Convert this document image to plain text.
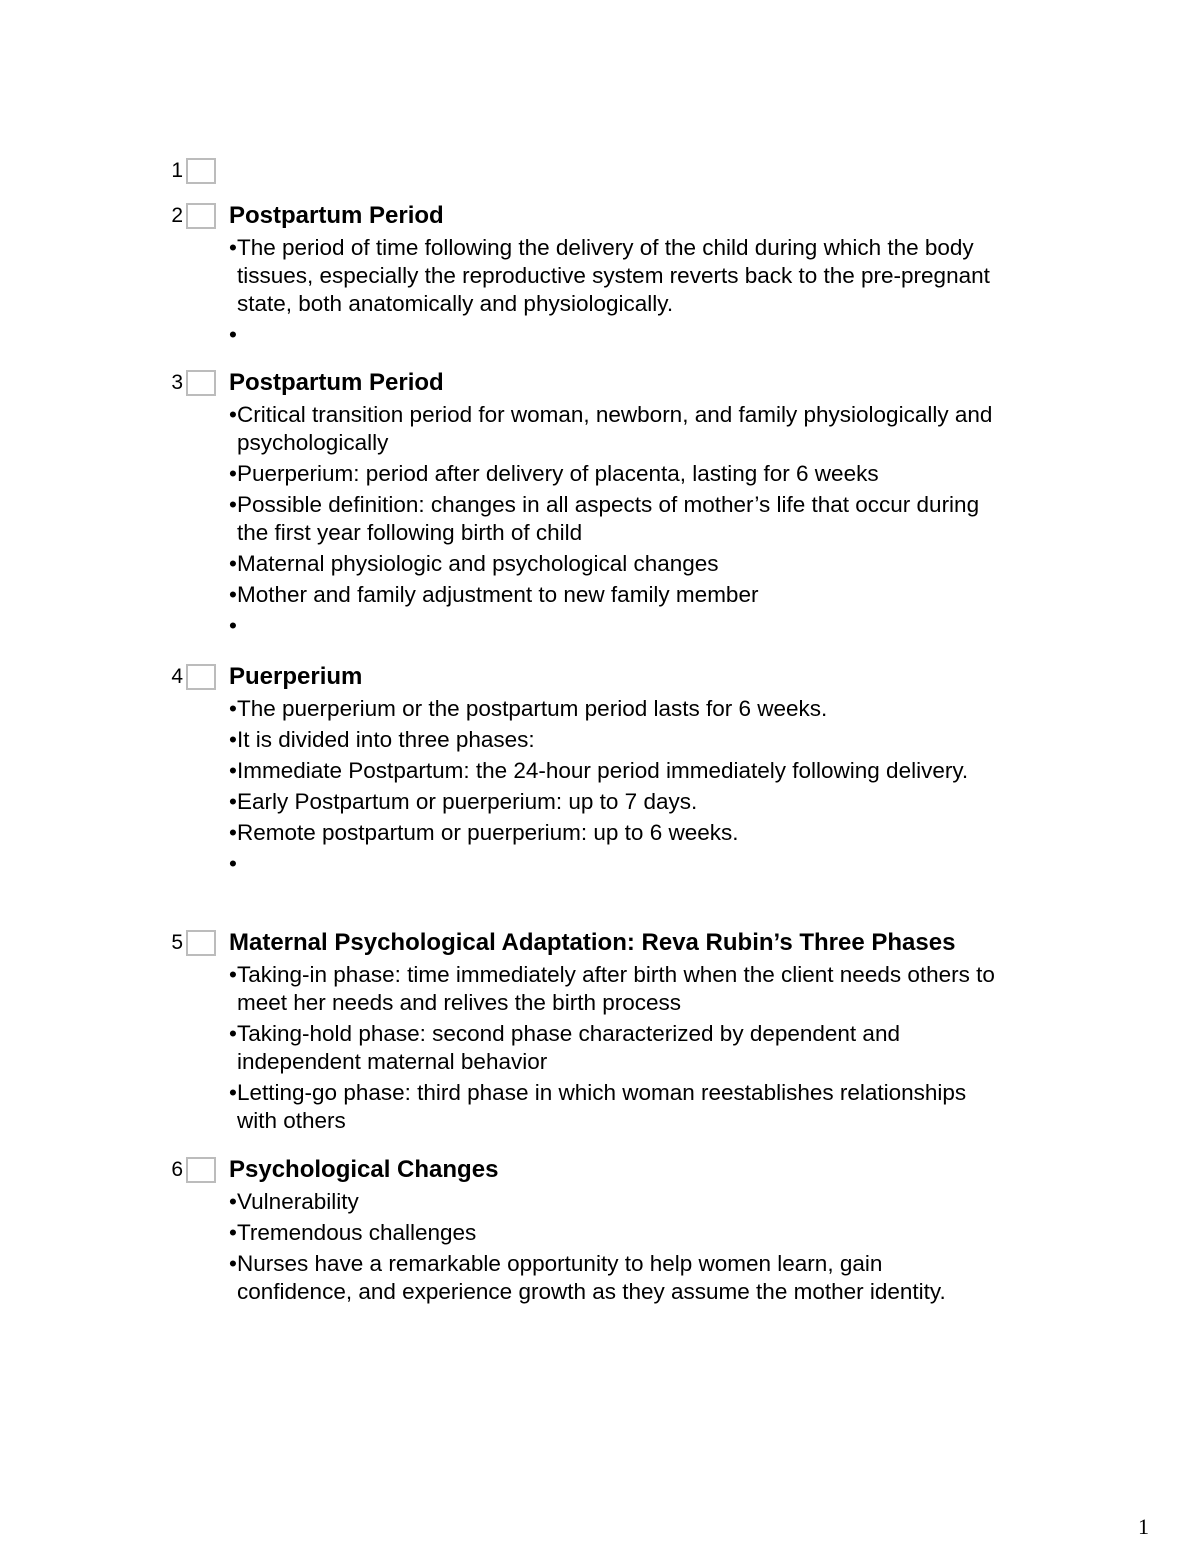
1
2 Postpartum Period
• The period of time following the delivery of the child during which the body tissues, especially the reproductive system reverts back to the pre-pregnant state, both anatomically and physiologically.
•
3 Postpartum Period
• Critical transition period for woman, newborn, and family physiologically and psychologically
• Puerperium: period after delivery of placenta, lasting for 6 weeks
• Possible definition: changes in all aspects of mother’s life that occur during the first year following birth of child
• Maternal physiologic and psychological changes
• Mother and family adjustment to new family member
•
4 Puerperium
• The puerperium or the postpartum period lasts for 6 weeks.
• It is divided into three phases:
• Immediate Postpartum: the 24-hour period immediately following delivery.
• Early Postpartum or puerperium: up to 7 days.
• Remote postpartum or puerperium: up to 6 weeks.
•
5 Maternal Psychological Adaptation: Reva Rubin’s Three Phases
• Taking-in phase: time immediately after birth when the client needs others to meet her needs and relives the birth process
• Taking-hold phase: second phase characterized by dependent and independent maternal behavior
• Letting-go phase: third phase in which woman reestablishes relationships with others
6 Psychological Changes
• Vulnerability
• Tremendous challenges
• Nurses have a remarkable opportunity to help women learn, gain confidence, and experience growth as they assume the mother identity.
1
